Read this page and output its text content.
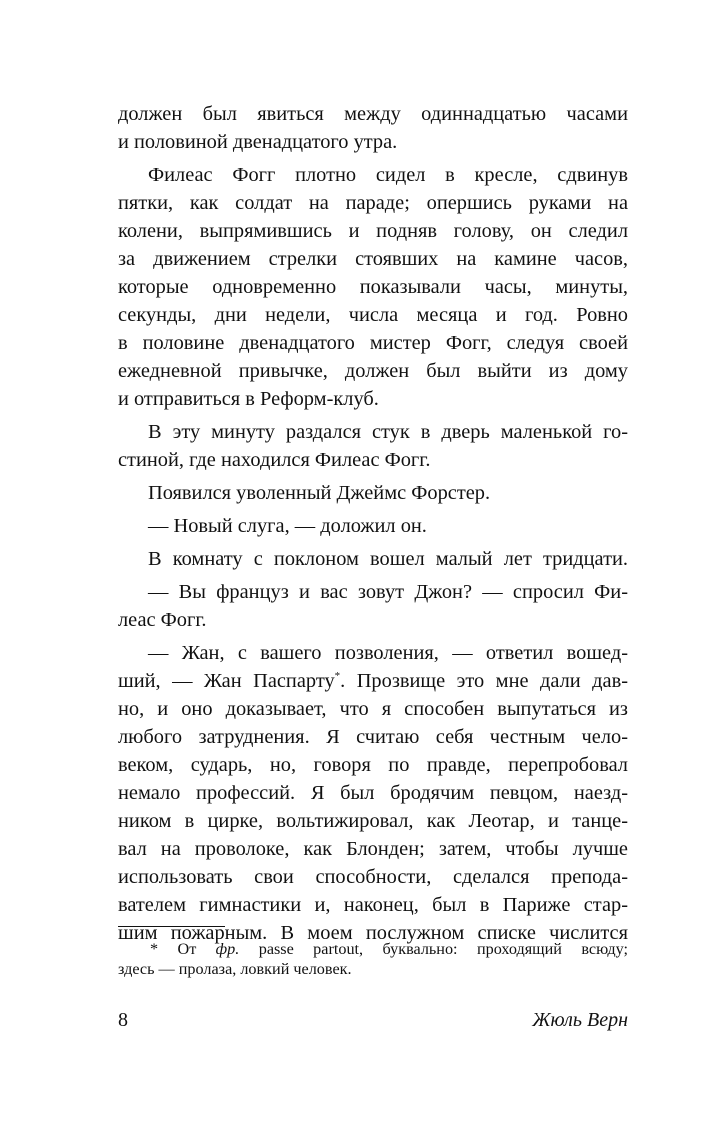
должен был явиться между одиннадцатью часами
и половиной двенадцатого утра.
Филеас Фогг плотно сидел в кресле, сдвинув
пятки, как солдат на параде; опершись руками на
колени, выпрямившись и подняв голову, он следил
за движением стрелки стоявших на камине часов,
которые одновременно показывали часы, минуты,
секунды, дни недели, числа месяца и год. Ровно
в половине двенадцатого мистер Фогг, следуя своей
ежедневной привычке, должен был выйти из дому
и отправиться в Реформ-клуб.
В эту минуту раздался стук в дверь маленькой го-
стиной, где находился Филеас Фогг.
Появился уволенный Джеймс Форстер.
— Новый слуга, — доложил он.
В комнату с поклоном вошел малый лет тридцати.
— Вы француз и вас зовут Джон? — спросил Фи-
леас Фогг.
— Жан, с вашего позволения, — ответил вошед-
ший, — Жан Паспарту*. Прозвище это мне дали дав-
но, и оно доказывает, что я способен выпутаться из
любого затруднения. Я считаю себя честным чело-
веком, сударь, но, говоря по правде, перепробовал
немало профессий. Я был бродячим певцом, наезд-
ником в цирке, вольтижировал, как Леотар, и танце-
вал на проволоке, как Блонден; затем, чтобы лучше
использовать свои способности, сделался препода-
вателем гимнастики и, наконец, был в Париже стар-
шим пожарным. В моем послужном списке числится
* От фр. passe partout, буквально: проходящий всюду;
здесь — пролаза, ловкий человек.
8	Жюль Верн
